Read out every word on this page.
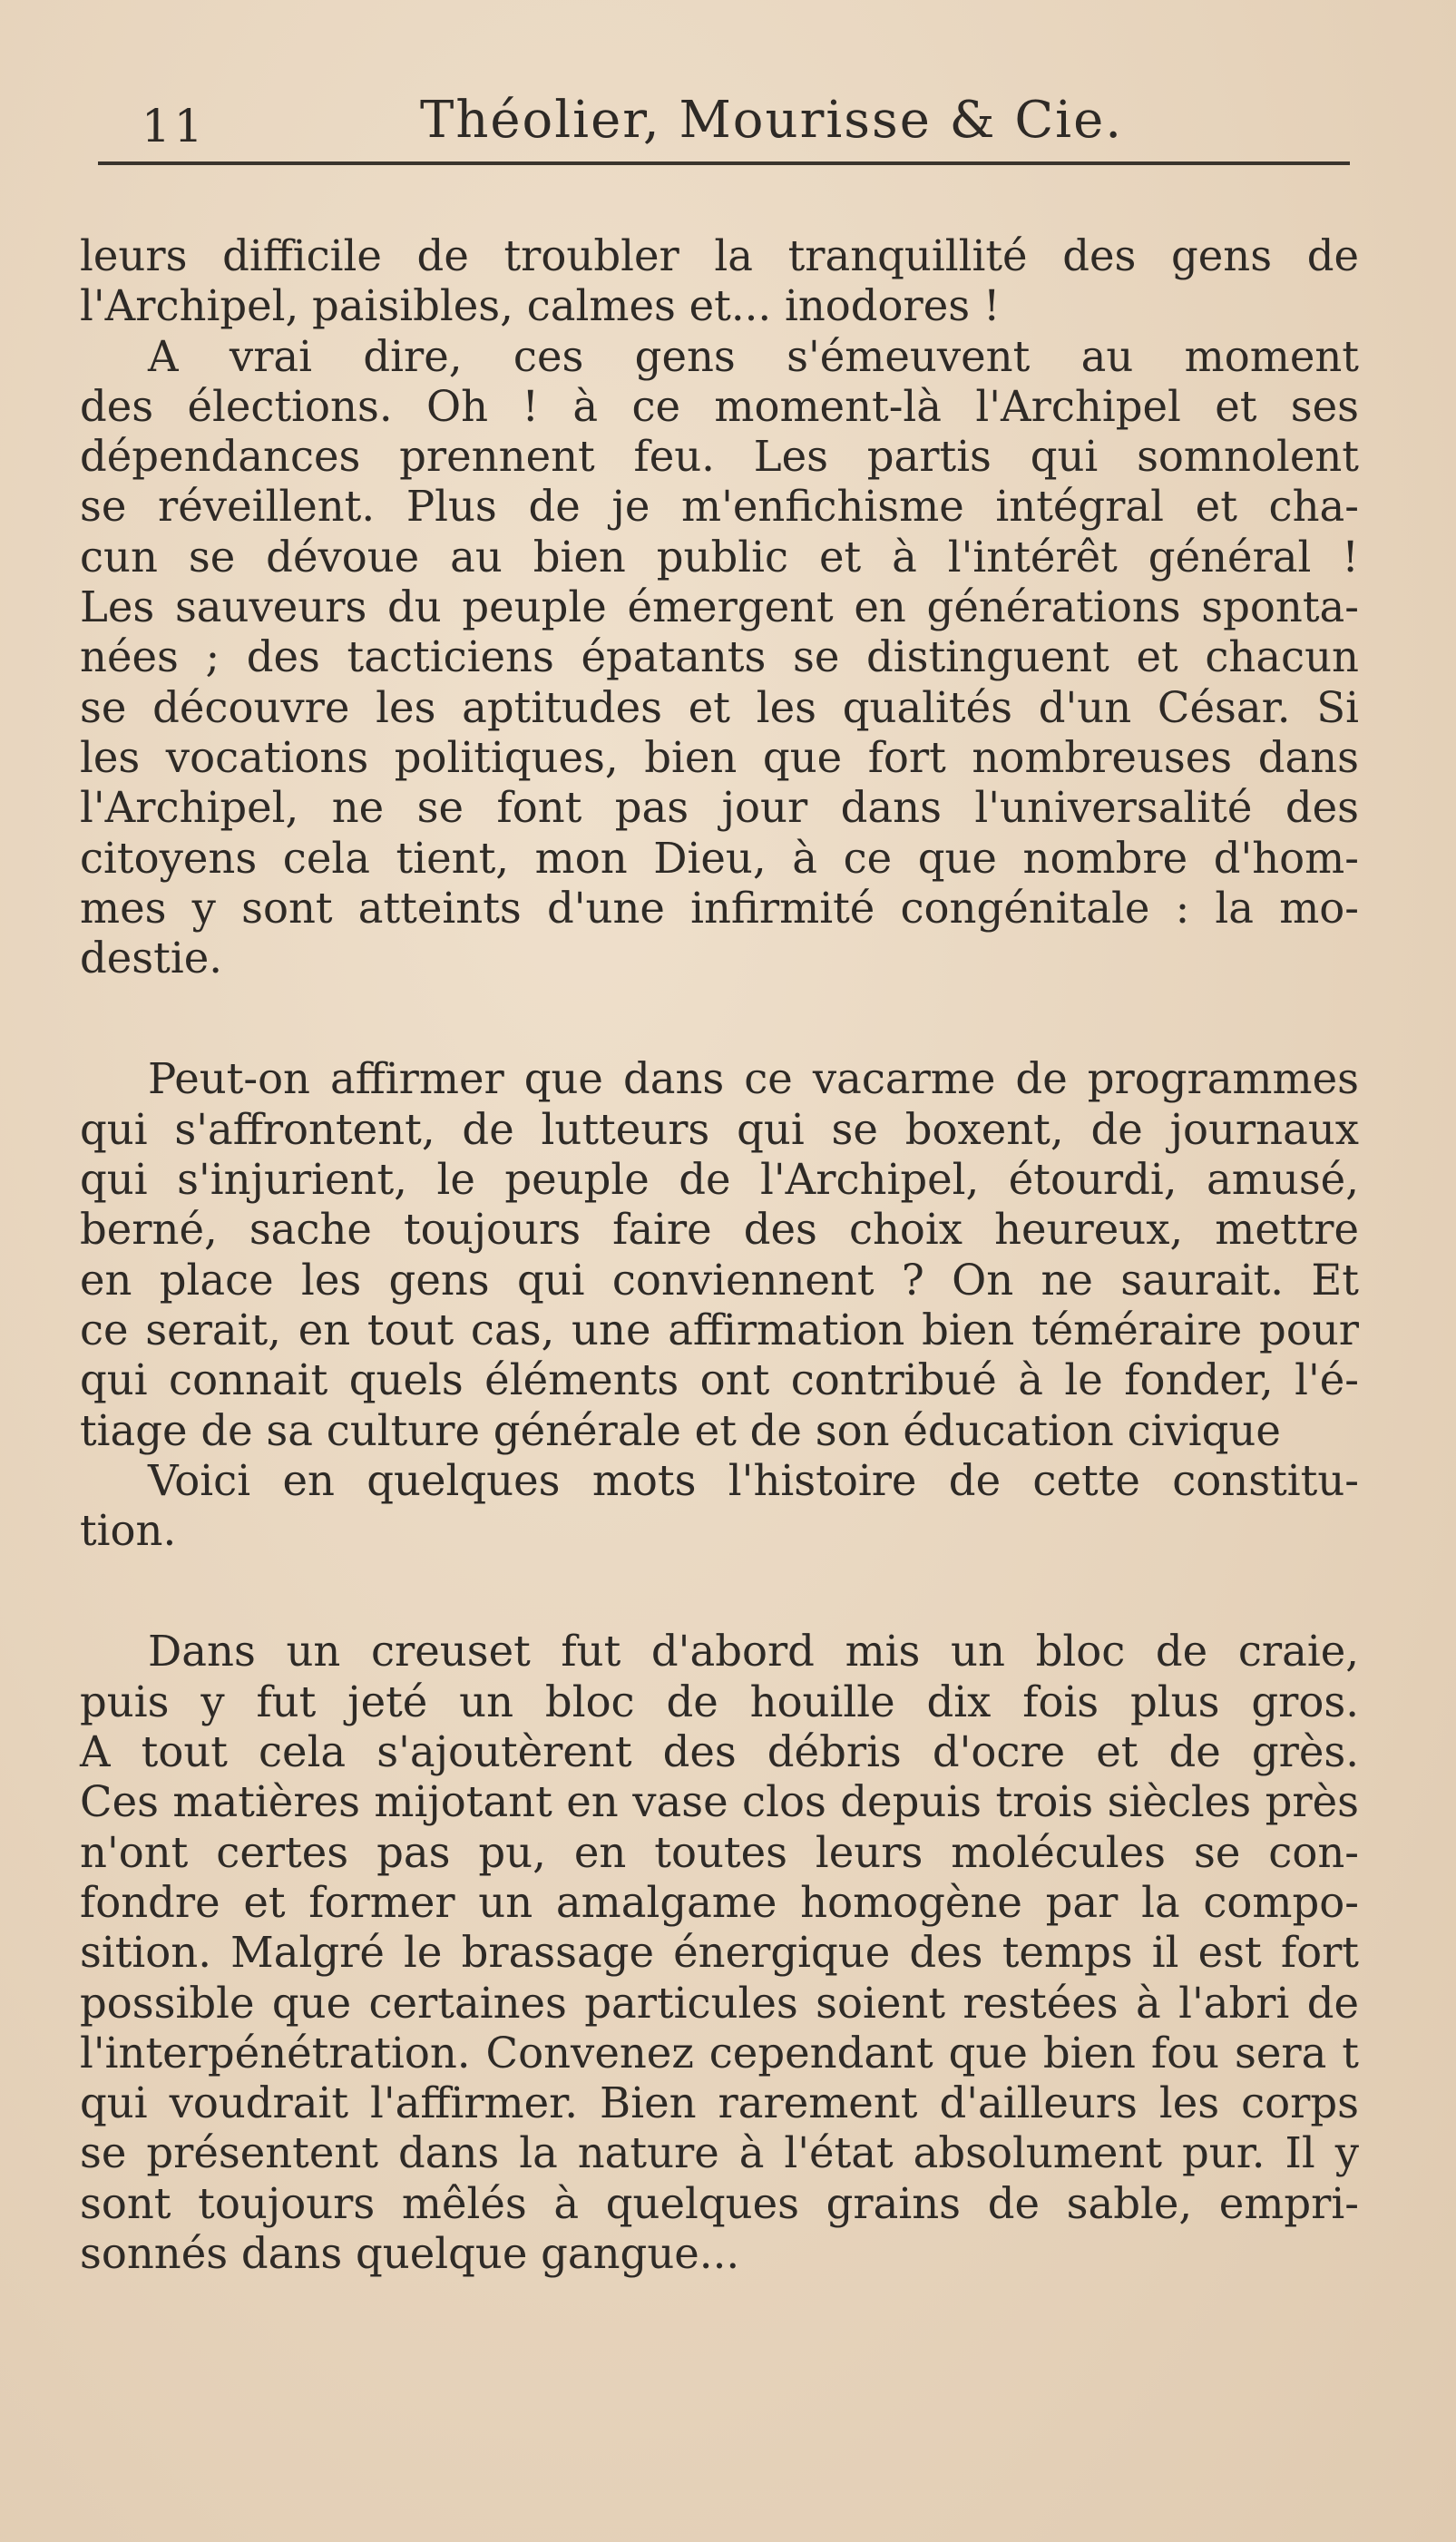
11	Théolier, Mourisse & Cie.
leurs difficile de troubler la tranquillité des gens de
l'Archipel, paisibles, calmes et... inodores !
A vrai dire, ces gens s'émeuvent au moment
des élections. Oh ! à ce moment-là l'Archipel et ses
dépendances prennent feu. Les partis qui somnolent
se réveillent. Plus de je m'enfichisme intégral et cha-
cun se dévoue au bien public et à l'intérêt général !
Les sauveurs du peuple émergent en générations sponta-
nées ; des tacticiens épatants se distinguent et chacun
se découvre les aptitudes et les qualités d'un César. Si
les vocations politiques, bien que fort nombreuses dans
l'Archipel, ne se font pas jour dans l'universalité des
citoyens cela tient, mon Dieu, à ce que nombre d'hom-
mes y sont atteints d'une infirmité congénitale : la mo-
destie.
Peut-on affirmer que dans ce vacarme de programmes
qui s'affrontent, de lutteurs qui se boxent, de journaux
qui s'injurient, le peuple de l'Archipel, étourdi, amusé,
berné, sache toujours faire des choix heureux, mettre
en place les gens qui conviennent ? On ne saurait. Et
ce serait, en tout cas, une affirmation bien téméraire pour
qui connait quels éléments ont contribué à le fonder, l'é-
tiage de sa culture générale et de son éducation civique
Voici en quelques mots l'histoire de cette constitu-
tion.
Dans un creuset fut d'abord mis un bloc de craie,
puis y fut jeté un bloc de houille dix fois plus gros.
A tout cela s'ajoutèrent des débris d'ocre et de grès.
Ces matières mijotant en vase clos depuis trois siècles près
n'ont certes pas pu, en toutes leurs molécules se con-
fondre et former un amalgame homogène par la compo-
sition. Malgré le brassage énergique des temps il est fort
possible que certaines particules soient restées à l'abri de
l'interpénétration. Convenez cependant que bien fou sera t
qui voudrait l'affirmer. Bien rarement d'ailleurs les corps
se présentent dans la nature à l'état absolument pur. Il y
sont toujours mêlés à quelques grains de sable, empri-
sonnés dans quelque gangue...
